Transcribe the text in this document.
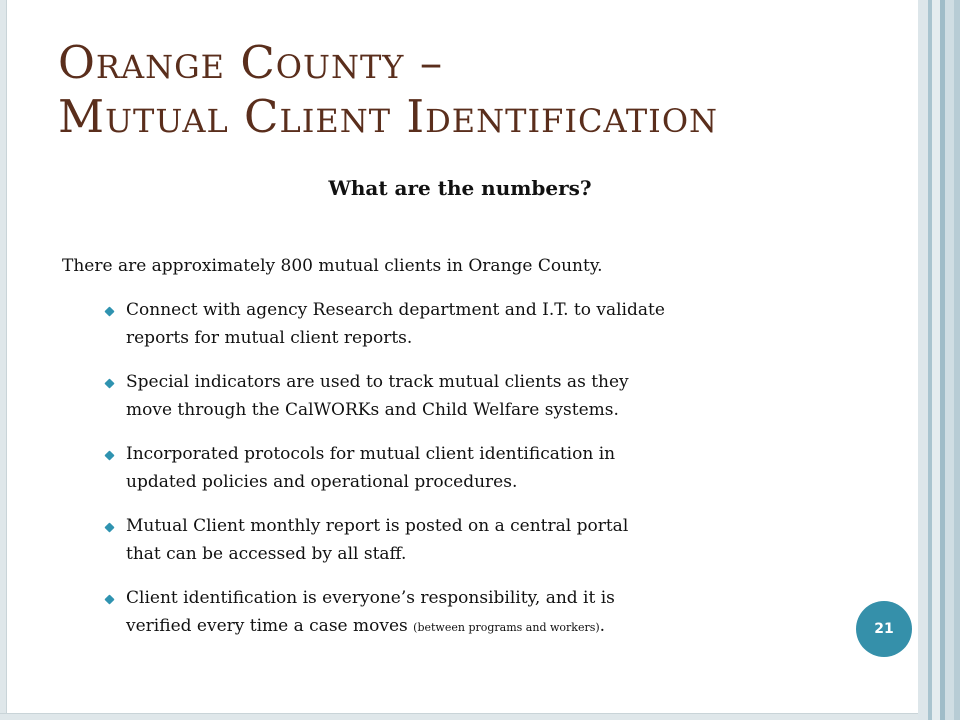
Orange County –
Mutual Client Identification

What are the numbers?

There are approximately 800 mutual clients in Orange County.

Connect with agency Research department and I.T. to validate
reports for mutual client reports.
Special indicators are used to track mutual clients as they
move through the CalWORKs and Child Welfare systems.
Incorporated protocols for mutual client identification in
updated policies and operational procedures.
Mutual Client monthly report is posted on a central portal
that can be accessed by all staff.
Client identification is everyone’s responsibility, and it is
verified every time a case moves (between programs and workers).	21
